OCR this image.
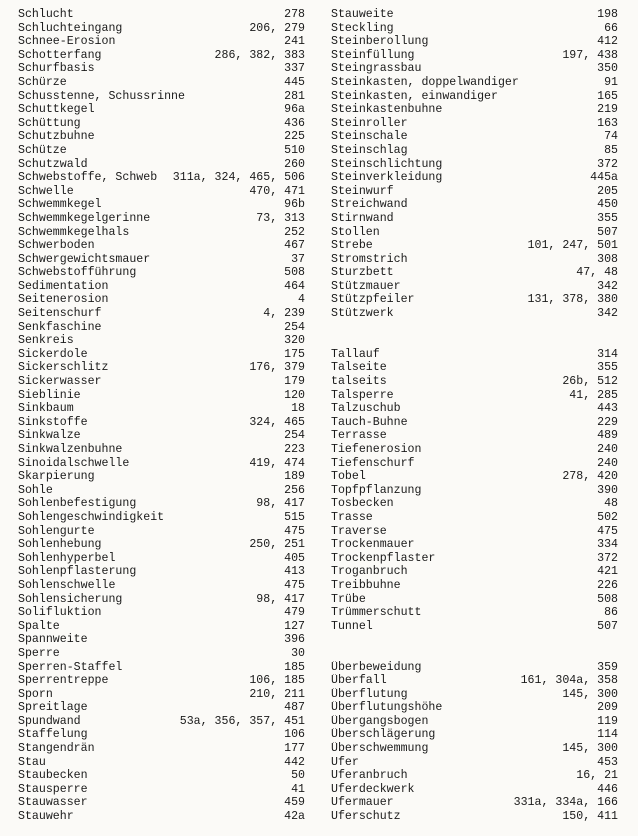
Schlucht	278
Schluchteingang	206, 279
Schnee-Erosion	241
Schotterfang	286, 382, 383
Schurfbasis	337
Schürze	445
Schusstenne, Schussrinne	281
Schuttkegel	96a
Schüttung	436
Schutzbuhne	225
Schütze	510
Schutzwald	260
Schwebstoffe, Schweb	311a, 324, 465, 506
Schwelle	470, 471
Schwemmkegel	96b
Schwemmkegelgerinne	73, 313
Schwemmkegelhals	252
Schwerboden	467
Schwergewichtsmauer	37
Schwebstofführung	508
Sedimentation	464
Seitenerosion	4
Seitenschurf	4, 239
Senkfaschine	254
Senkreis	320
Sickerdole	175
Sickerschlitz	176, 379
Sickerwasser	179
Sieblinie	120
Sinkbaum	18
Sinkstoffe	324, 465
Sinkwalze	254
Sinkwalzenbuhne	223
Sinoidalschwelle	419, 474
Skarpierung	189
Sohle	256
Sohlenbefestigung	98, 417
Sohlengeschwindigkeit	515
Sohlengurte	475
Sohlenhebung	250, 251
Sohlenhyperbel	405
Sohlenpflasterung	413
Sohlenschwelle	475
Sohlensicherung	98, 417
Solifluktion	479
Spalte	127
Spannweite	396
Sperre	30
Sperren-Staffel	185
Sperrentreppe	106, 185
Sporn	210, 211
Spreitlage	487
Spundwand	53a, 356, 357, 451
Staffelung	106
Stangendrän	177
Stau	442
Staubecken	50
Stausperre	41
Stauwasser	459
Stauwehr	42a
Stauweite	198
Steckling	66
Steinberollung	412
Steinfüllung	197, 438
Steingrassbau	350
Steinkasten, doppelwandiger	91
Steinkasten, einwandiger	165
Steinkastenbuhne	219
Steinroller	163
Steinschale	74
Steinschlag	85
Steinschlichtung	372
Steinverkleidung	445a
Steinwurf	205
Streichwand	450
Stirnwand	355
Stollen	507
Strebe	101, 247, 501
Stromstrich	308
Sturzbett	47, 48
Stützmauer	342
Stützpfeiler	131, 378, 380
Stützwerk	342
Tallauf	314
Talseite	355
talseits	26b, 512
Talsperre	41, 285
Talzuschub	443
Tauch-Buhne	229
Terrasse	489
Tiefenerosion	240
Tiefenschurf	240
Tobel	278, 420
Topfpflanzung	390
Tosbecken	48
Trasse	502
Traverse	475
Trockenmauer	334
Trockenpflaster	372
Troganbruch	421
Treibbuhne	226
Trübe	508
Trümmerschutt	86
Tunnel	507
Überbeweidung	359
Überfall	161, 304a, 358
Überflutung	145, 300
Überflutungshöhe	209
Übergangsbogen	119
Überschlägerung	114
Überschwemmung	145, 300
Ufer	453
Uferanbruch	16, 21
Uferdeckwerk	446
Ufermauer	331a, 334a, 166
Uferschutz	150, 411
